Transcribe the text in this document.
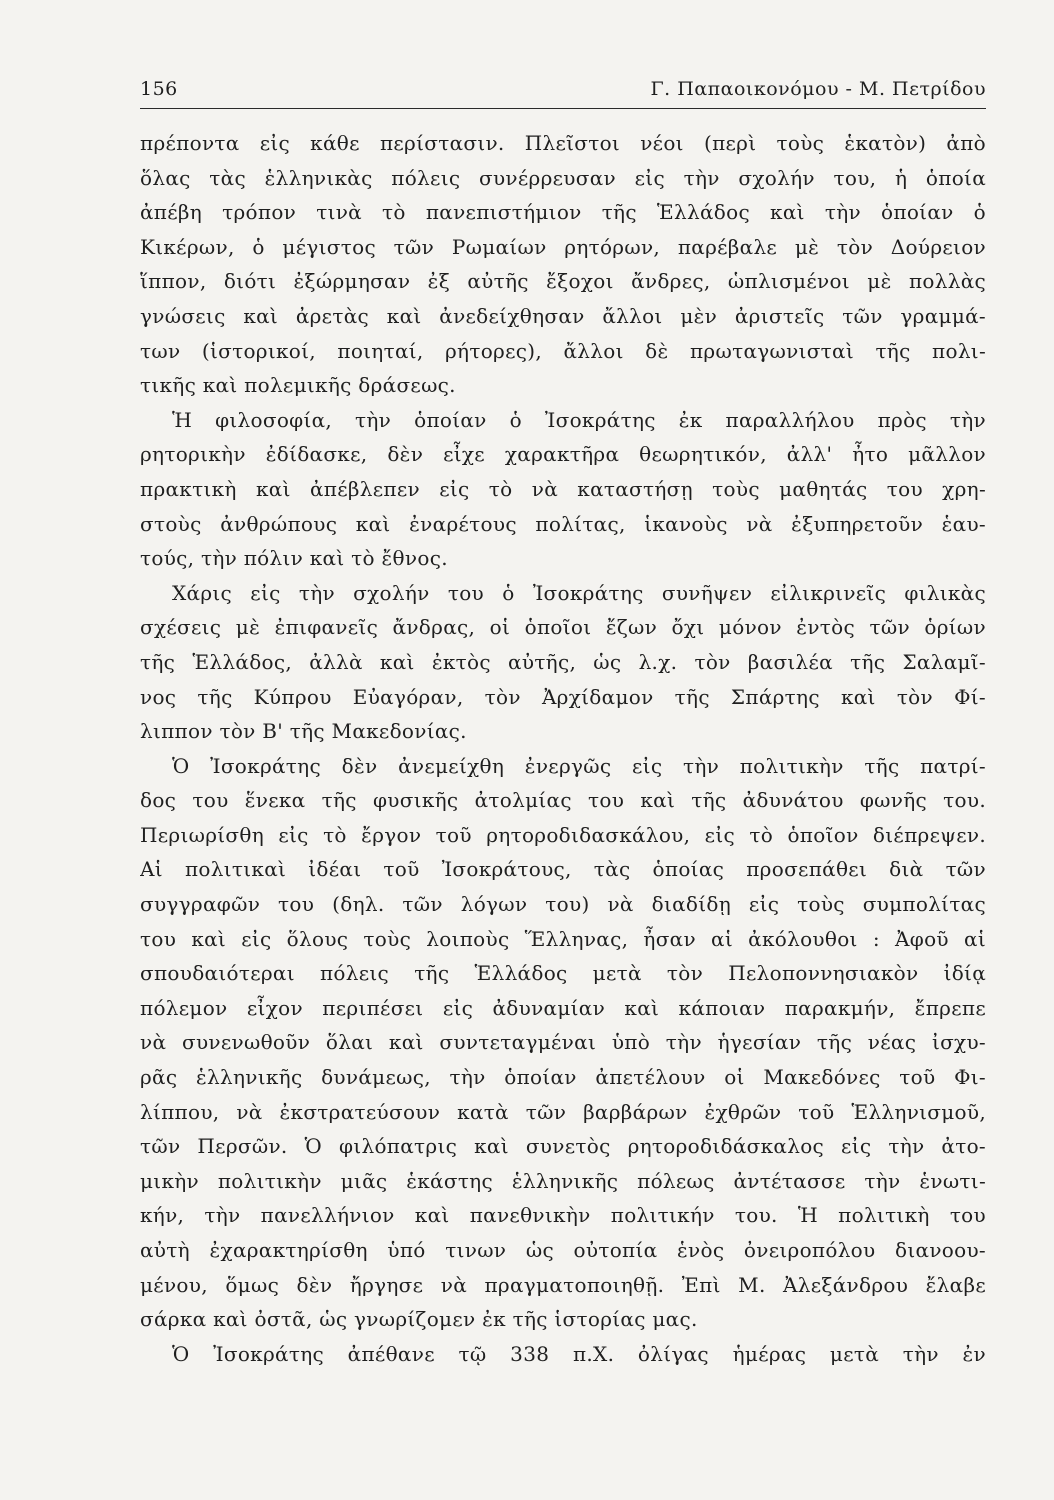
156	Γ. Παπαοικονόμου - Μ. Πετρίδου
πρέποντα εἰς κάθε περίστασιν. Πλεῖστοι νέοι (περὶ τοὺς ἑκατὸν) ἀπὸ
ὅλας τὰς ἑλληνικὰς πόλεις συνέρρευσαν εἰς τὴν σχολήν του, ἡ ὁποία
ἀπέβη τρόπον τινὰ τὸ πανεπιστήμιον τῆς Ἑλλάδος καὶ τὴν ὁποίαν ὁ
Κικέρων, ὁ μέγιστος τῶν Ρωμαίων ρητόρων, παρέβαλε μὲ τὸν Δούρειον
ἵππον, διότι ἐξώρμησαν ἐξ αὐτῆς ἔξοχοι ἄνδρες, ὡπλισμένοι μὲ πολλὰς
γνώσεις καὶ ἀρετὰς καὶ ἀνεδείχθησαν ἄλλοι μὲν ἀριστεῖς τῶν γραμμά-
των (ἱστορικοί, ποιηταί, ρήτορες), ἄλλοι δὲ πρωταγωνισταὶ τῆς πολι-
τικῆς καὶ πολεμικῆς δράσεως.
Ἡ φιλοσοφία, τὴν ὁποίαν ὁ Ἰσοκράτης ἐκ παραλλήλου πρὸς τὴν
ρητορικὴν ἐδίδασκε, δὲν εἶχε χαρακτῆρα θεωρητικόν, ἀλλ' ἦτο μᾶλλον
πρακτικὴ καὶ ἀπέβλεπεν εἰς τὸ νὰ καταστήσῃ τοὺς μαθητάς του χρη-
στοὺς ἀνθρώπους καὶ ἐναρέτους πολίτας, ἱκανοὺς νὰ ἐξυπηρετοῦν ἑαυ-
τούς, τὴν πόλιν καὶ τὸ ἔθνος.
Χάρις εἰς τὴν σχολήν του ὁ Ἰσοκράτης συνῆψεν εἰλικρινεῖς φιλικὰς
σχέσεις μὲ ἐπιφανεῖς ἄνδρας, οἱ ὁποῖοι ἔζων ὄχι μόνον ἐντὸς τῶν ὁρίων
τῆς Ἑλλάδος, ἀλλὰ καὶ ἐκτὸς αὐτῆς, ὡς λ.χ. τὸν βασιλέα τῆς Σαλαμῖ-
νος τῆς Κύπρου Εὐαγόραν, τὸν Ἀρχίδαμον τῆς Σπάρτης καὶ τὸν Φί-
λιππον τὸν Β' τῆς Μακεδονίας.
Ὁ Ἰσοκράτης δὲν ἀνεμείχθη ἐνεργῶς εἰς τὴν πολιτικὴν τῆς πατρί-
δος του ἕνεκα τῆς φυσικῆς ἀτολμίας του καὶ τῆς ἀδυνάτου φωνῆς του.
Περιωρίσθη εἰς τὸ ἔργον τοῦ ρητοροδιδασκάλου, εἰς τὸ ὁποῖον διέπρεψεν.
Αἱ πολιτικαὶ ἰδέαι τοῦ Ἰσοκράτους, τὰς ὁποίας προσεπάθει διὰ τῶν
συγγραφῶν του (δηλ. τῶν λόγων του) νὰ διαδίδῃ εἰς τοὺς συμπολίτας
του καὶ εἰς ὅλους τοὺς λοιποὺς Ἕλληνας, ἦσαν αἱ ἀκόλουθοι : Ἀφοῦ αἱ
σπουδαιότεραι πόλεις τῆς Ἑλλάδος μετὰ τὸν Πελοποννησιακὸν ἰδίᾳ
πόλεμον εἶχον περιπέσει εἰς ἀδυναμίαν καὶ κάποιαν παρακμήν, ἔπρεπε
νὰ συνενωθοῦν ὅλαι καὶ συντεταγμέναι ὑπὸ τὴν ἡγεσίαν τῆς νέας ἰσχυ-
ρᾶς ἑλληνικῆς δυνάμεως, τὴν ὁποίαν ἀπετέλουν οἱ Μακεδόνες τοῦ Φι-
λίππου, νὰ ἐκστρατεύσουν κατὰ τῶν βαρβάρων ἐχθρῶν τοῦ Ἑλληνισμοῦ,
τῶν Περσῶν. Ὁ φιλόπατρις καὶ συνετὸς ρητοροδιδάσκαλος εἰς τὴν ἀτο-
μικὴν πολιτικὴν μιᾶς ἑκάστης ἑλληνικῆς πόλεως ἀντέτασσε τὴν ἑνωτι-
κήν, τὴν πανελλήνιον καὶ πανεθνικὴν πολιτικήν του. Ἡ πολιτικὴ του
αὐτὴ ἐχαρακτηρίσθη ὑπό τινων ὡς οὐτοπία ἑνὸς ὀνειροπόλου διανοου-
μένου, ὅμως δὲν ἤργησε νὰ πραγματοποιηθῇ. Ἐπὶ Μ. Ἀλεξάνδρου ἔλαβε
σάρκα καὶ ὀστᾶ, ὡς γνωρίζομεν ἐκ τῆς ἱστορίας μας.
Ὁ Ἰσοκράτης ἀπέθανε τῷ 338 π.Χ. ὀλίγας ἡμέρας μετὰ τὴν ἐν
